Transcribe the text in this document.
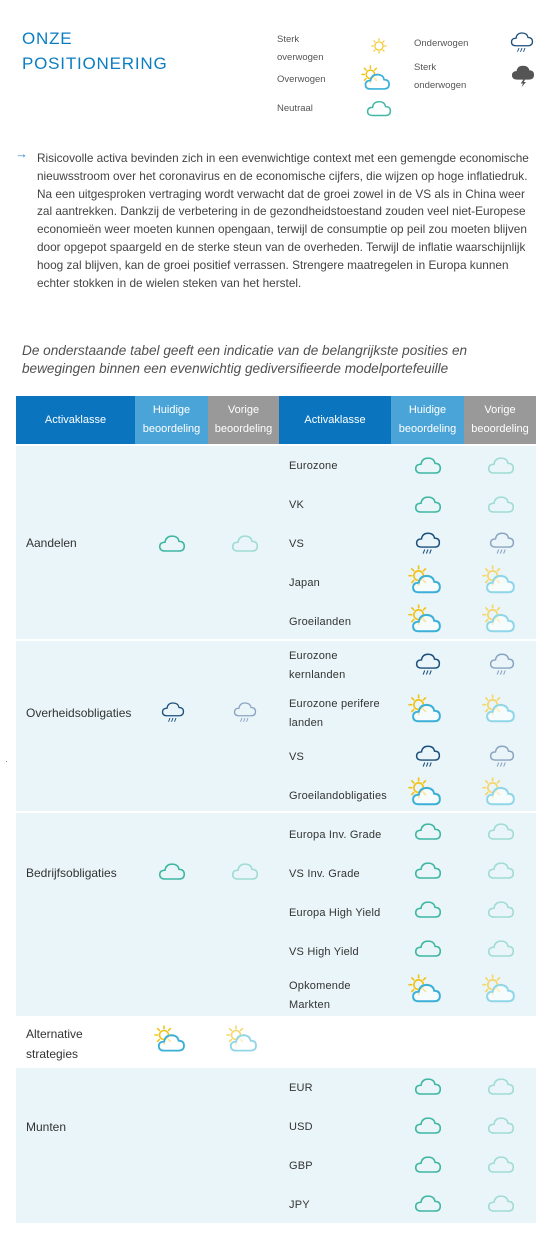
ONZE
POSITIONERING
Sterk
overwogen
Overwogen
Neutraal
Onderwogen
Sterk
onderwogen
→ Risicovolle activa bevinden zich in een evenwichtige context met een gemengde economische nieuwsstroom over het coronavirus en de economische cijfers, die wijzen op hoge inflatiedruk. Na een uitgesproken vertraging wordt verwacht dat de groei zowel in de VS als in China weer zal aantrekken. Dankzij de verbetering in de gezondheidstoestand zouden veel niet-Europese economieën weer moeten kunnen opengaan, terwijl de consumptie op peil zou moeten blijven door opgepot spaargeld en de sterke steun van de overheden. Terwijl de inflatie waarschijnlijk hoog zal blijven, kan de groei positief verrassen. Strengere maatregelen in Europa kunnen echter stokken in de wielen steken van het herstel.
De onderstaande tabel geeft een indicatie van de belangrijkste posities en bewegingen binnen een evenwichtig gediversifieerde modelportefeuille
Activaklasse
Huidige
beoordeling
Vorige
beoordeling
Activaklasse
Huidige
beoordeling
Vorige
beoordeling
Aandelen
Eurozone
VK
VS
Japan
Groeilanden
Overheidsobligaties
Eurozone
kernlanden
Eurozone perifere
landen
VS
Groeilandobligaties
Bedrijfsobligaties
Europa Inv. Grade
VS Inv. Grade
Europa High Yield
VS High Yield
Opkomende
Markten
Alternative
strategies
Munten
EUR
USD
GBP
JPY
